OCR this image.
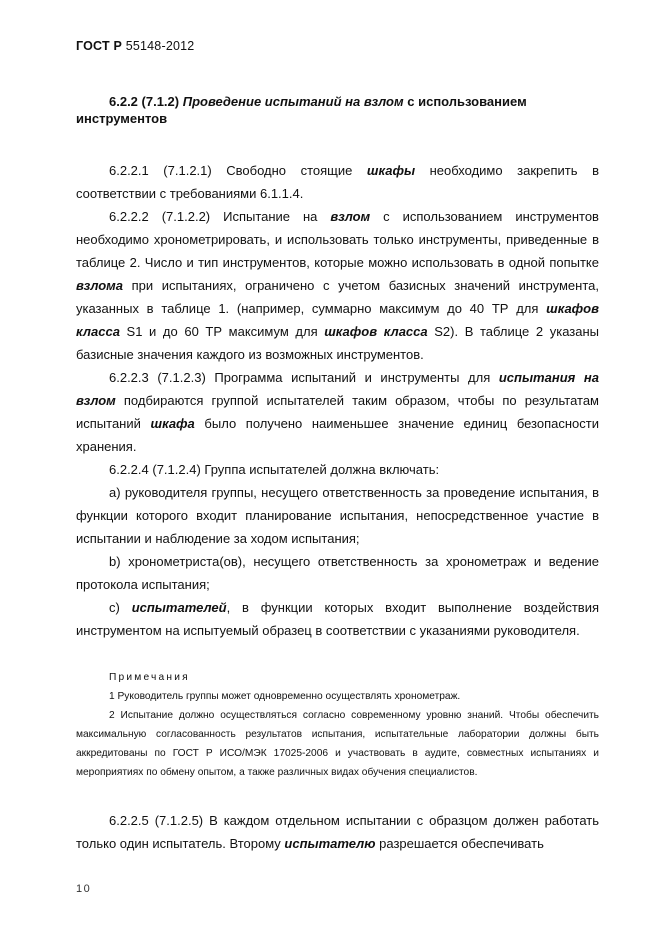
ГОСТ Р 55148-2012

6.2.2 (7.1.2) Проведение испытаний на взлом с использованием инструментов

6.2.2.1 (7.1.2.1) Свободно стоящие шкафы необходимо закрепить в соответствии с требованиями 6.1.1.4.

6.2.2.2 (7.1.2.2) Испытание на взлом с использованием инструментов необходимо хронометрировать, и использовать только инструменты, приведенные в таблице 2. Число и тип инструментов, которые можно использовать в одной попытке взлома при испытаниях, ограничено с учетом базисных значений инструмента, указанных в таблице 1. (например, суммарно максимум до 40 ТР для шкафов класса S1 и до 60 ТР максимум для шкафов класса S2). В таблице 2 указаны базисные значения каждого из возможных инструментов.

6.2.2.3 (7.1.2.3) Программа испытаний и инструменты для испытания на взлом подбираются группой испытателей таким образом, чтобы по результатам испытаний шкафа было получено наименьшее значение единиц безопасности хранения.

6.2.2.4 (7.1.2.4) Группа испытателей должна включать:

а) руководителя группы, несущего ответственность за проведение испытания, в функции которого входит планирование испытания, непосредственное участие в испытании и наблюдение за ходом испытания;

b) хронометриста(ов), несущего ответственность за хронометраж и ведение протокола испытания;

с) испытателей, в функции которых входит выполнение воздействия инструментом на испытуемый образец в соответствии с указаниями руководителя.

Примечания

1 Руководитель группы может одновременно осуществлять хронометраж.

2 Испытание должно осуществляться согласно современному уровню знаний. Чтобы обеспечить максимальную согласованность результатов испытания, испытательные лаборатории должны быть аккредитованы по ГОСТ Р ИСО/МЭК 17025-2006 и участвовать в аудите, совместных испытаниях и мероприятиях по обмену опытом, а также различных видах обучения специалистов.

6.2.2.5 (7.1.2.5) В каждом отдельном испытании с образцом должен работать только один испытатель. Второму испытателю разрешается обеспечивать

10
